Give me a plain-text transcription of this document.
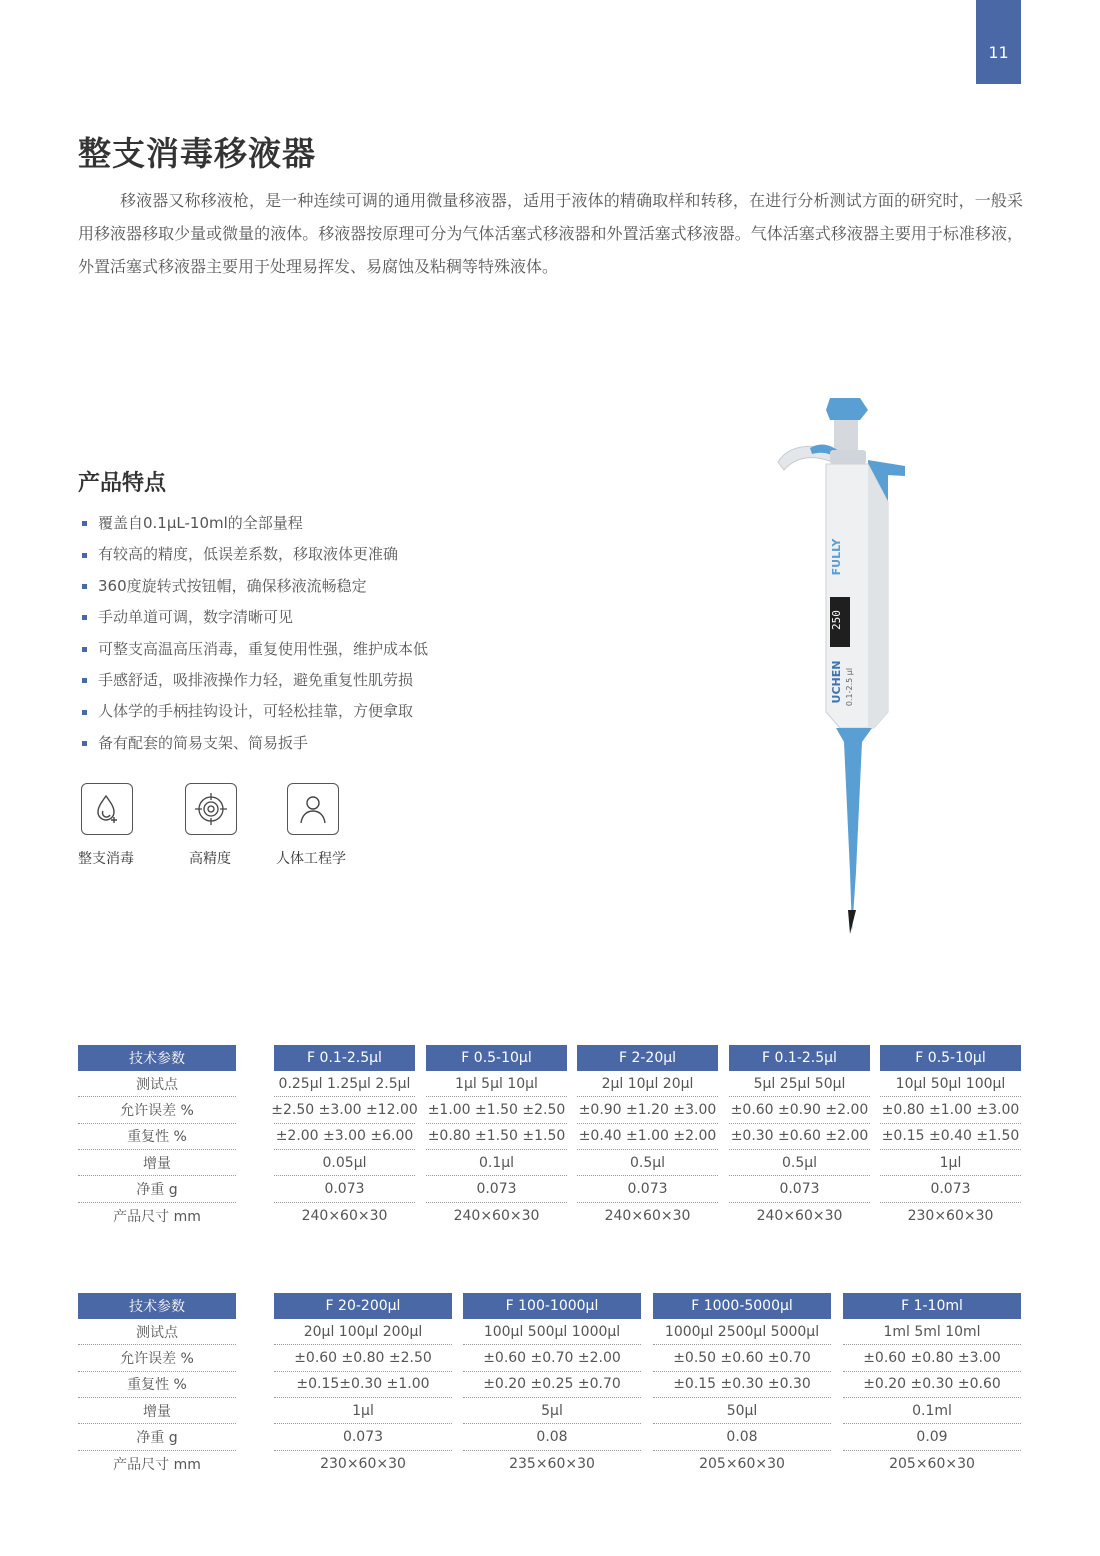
11
整支消毒移液器
移液器又称移液枪，是一种连续可调的通用微量移液器，适用于液体的精确取样和转移，在进行分析测试方面的研究时，一般采用移液器移取少量或微量的液体。移液器按原理可分为气体活塞式移液器和外置活塞式移液器。气体活塞式移液器主要用于标准移液，外置活塞式移液器主要用于处理易挥发、易腐蚀及粘稠等特殊液体。
产品特点
覆盖自0.1μL-10ml的全部量程
有较高的精度，低误差系数，移取液体更准确
360度旋转式按钮帽，确保移液流畅稳定
手动单道可调，数字清晰可见
可整支高温高压消毒，重复使用性强，维护成本低
手感舒适，吸排液操作力轻，避免重复性肌劳损
人体学的手柄挂钩设计，可轻松挂靠，方便拿取
备有配套的简易支架、简易扳手
整支消毒	高精度	人体工程学
250
FULLY
UCHEN 0.1-2.5 μl
技术参数
测试点
允许误差 %
重复性 %
增量
净重 g
产品尺寸 mm
F 0.1-2.5μl
0.25μl 1.25μl 2.5μl
±2.50 ±3.00 ±12.00
±2.00 ±3.00 ±6.00
0.05μl
0.073
240×60×30
F 0.5-10μl
1μl 5μl 10μl
±1.00 ±1.50 ±2.50
±0.80 ±1.50 ±1.50
0.1μl
0.073
240×60×30
F 2-20μl
2μl 10μl 20μl
±0.90 ±1.20 ±3.00
±0.40 ±1.00 ±2.00
0.5μl
0.073
240×60×30
F 0.1-2.5μl
5μl 25μl 50μl
±0.60 ±0.90 ±2.00
±0.30 ±0.60 ±2.00
0.5μl
0.073
240×60×30
F 0.5-10μl
10μl 50μl 100μl
±0.80 ±1.00 ±3.00
±0.15 ±0.40 ±1.50
1μl
0.073
230×60×30
技术参数
测试点
允许误差 %
重复性 %
增量
净重 g
产品尺寸 mm
F 20-200μl
20μl 100μl 200μl
±0.60 ±0.80 ±2.50
±0.15±0.30 ±1.00
1μl
0.073
230×60×30
F 100-1000μl
100μl 500μl 1000μl
±0.60 ±0.70 ±2.00
±0.20 ±0.25 ±0.70
5μl
0.08
235×60×30
F 1000-5000μl
1000μl 2500μl 5000μl
±0.50 ±0.60 ±0.70
±0.15 ±0.30 ±0.30
50μl
0.08
205×60×30
F 1-10ml
1ml 5ml 10ml
±0.60 ±0.80 ±3.00
±0.20 ±0.30 ±0.60
0.1ml
0.09
205×60×30
